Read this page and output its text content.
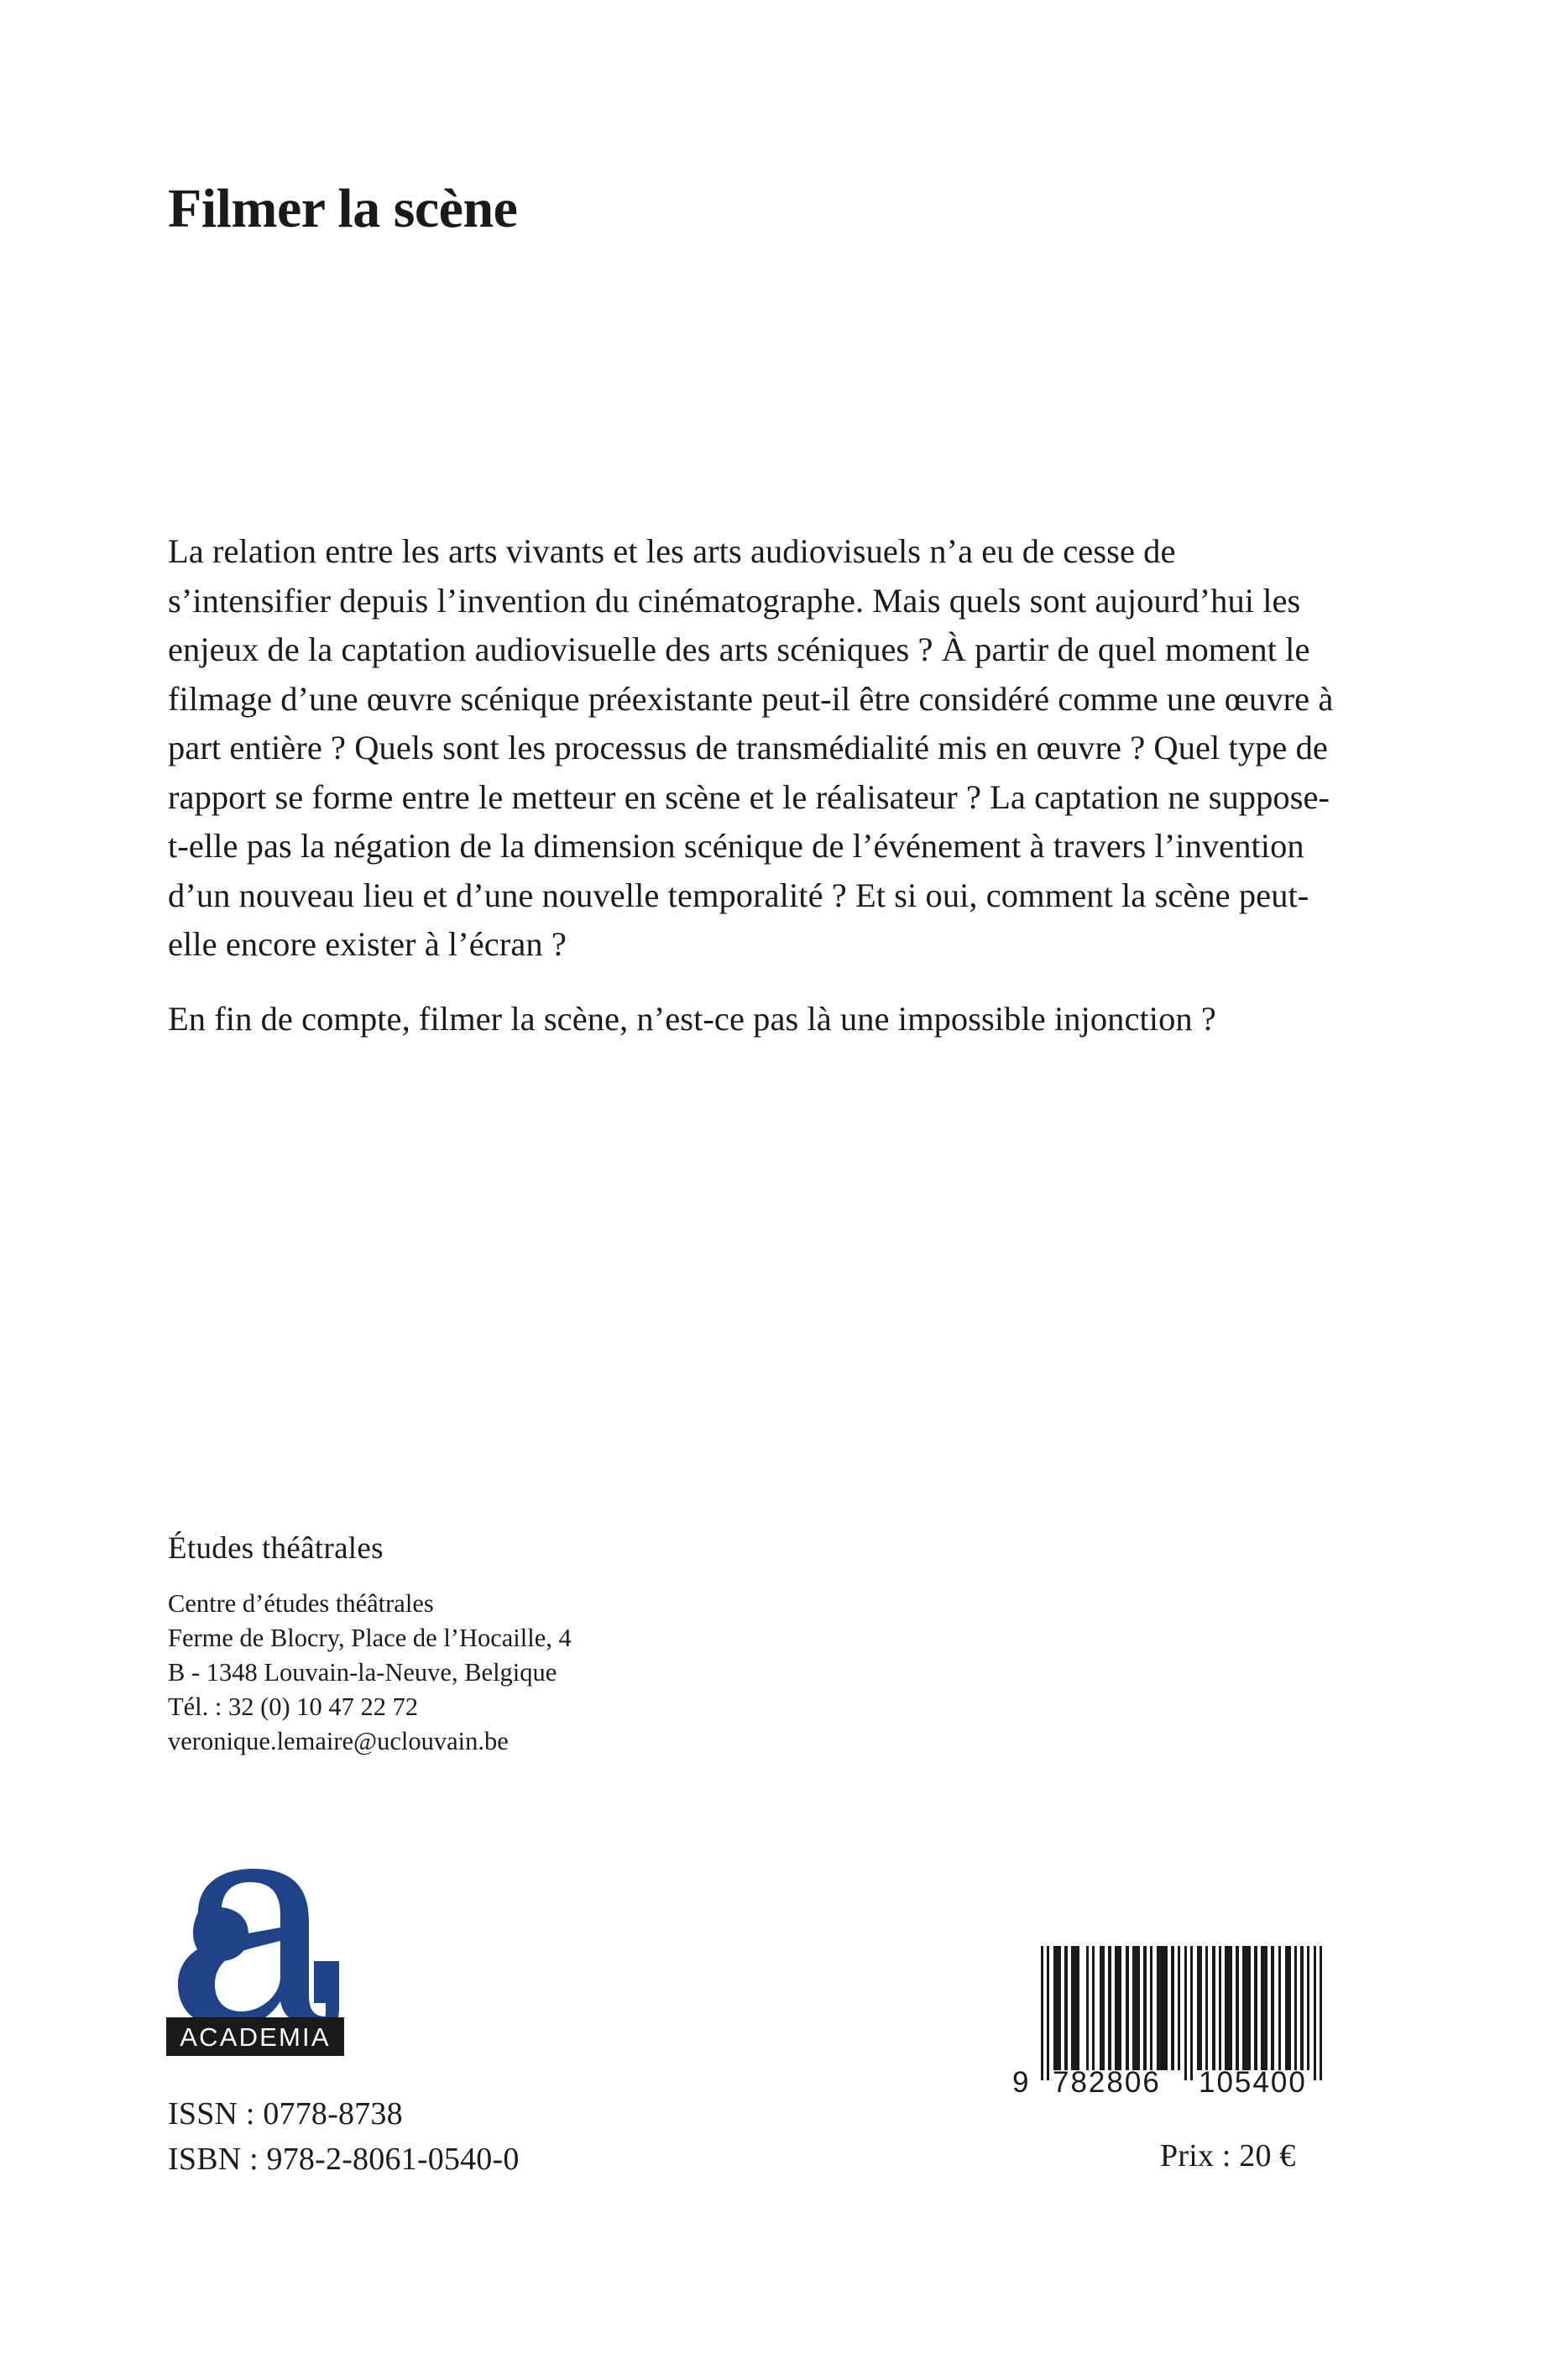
Filmer la scène

La relation entre les arts vivants et les arts audiovisuels n’a eu de cesse de s’intensifier depuis l’invention du cinématographe. Mais quels sont aujourd’hui les enjeux de la captation audiovisuelle des arts scéniques ? À partir de quel moment le filmage d’une œuvre scénique préexistante peut-il être considéré comme une œuvre à part entière ? Quels sont les processus de transmédialité mis en œuvre ? Quel type de rapport se forme entre le metteur en scène et le réalisateur ? La captation ne suppose-t-elle pas la négation de la dimension scénique de l’événement à travers l’invention d’un nouveau lieu et d’une nouvelle temporalité ? Et si oui, comment la scène peut-elle encore exister à l’écran ?

En fin de compte, filmer la scène, n’est-ce pas là une impossible injonction ?

Études théâtrales
Centre d’études théâtrales
Ferme de Blocry, Place de l’Hocaille, 4
B - 1348 Louvain-la-Neuve, Belgique
Tél. : 32 (0) 10 47 22 72
veronique.lemaire@uclouvain.be
ACADEMIA
9 782806 105400
ISSN : 0778-8738
ISBN : 978-2-8061-0540-0	Prix : 20 €
